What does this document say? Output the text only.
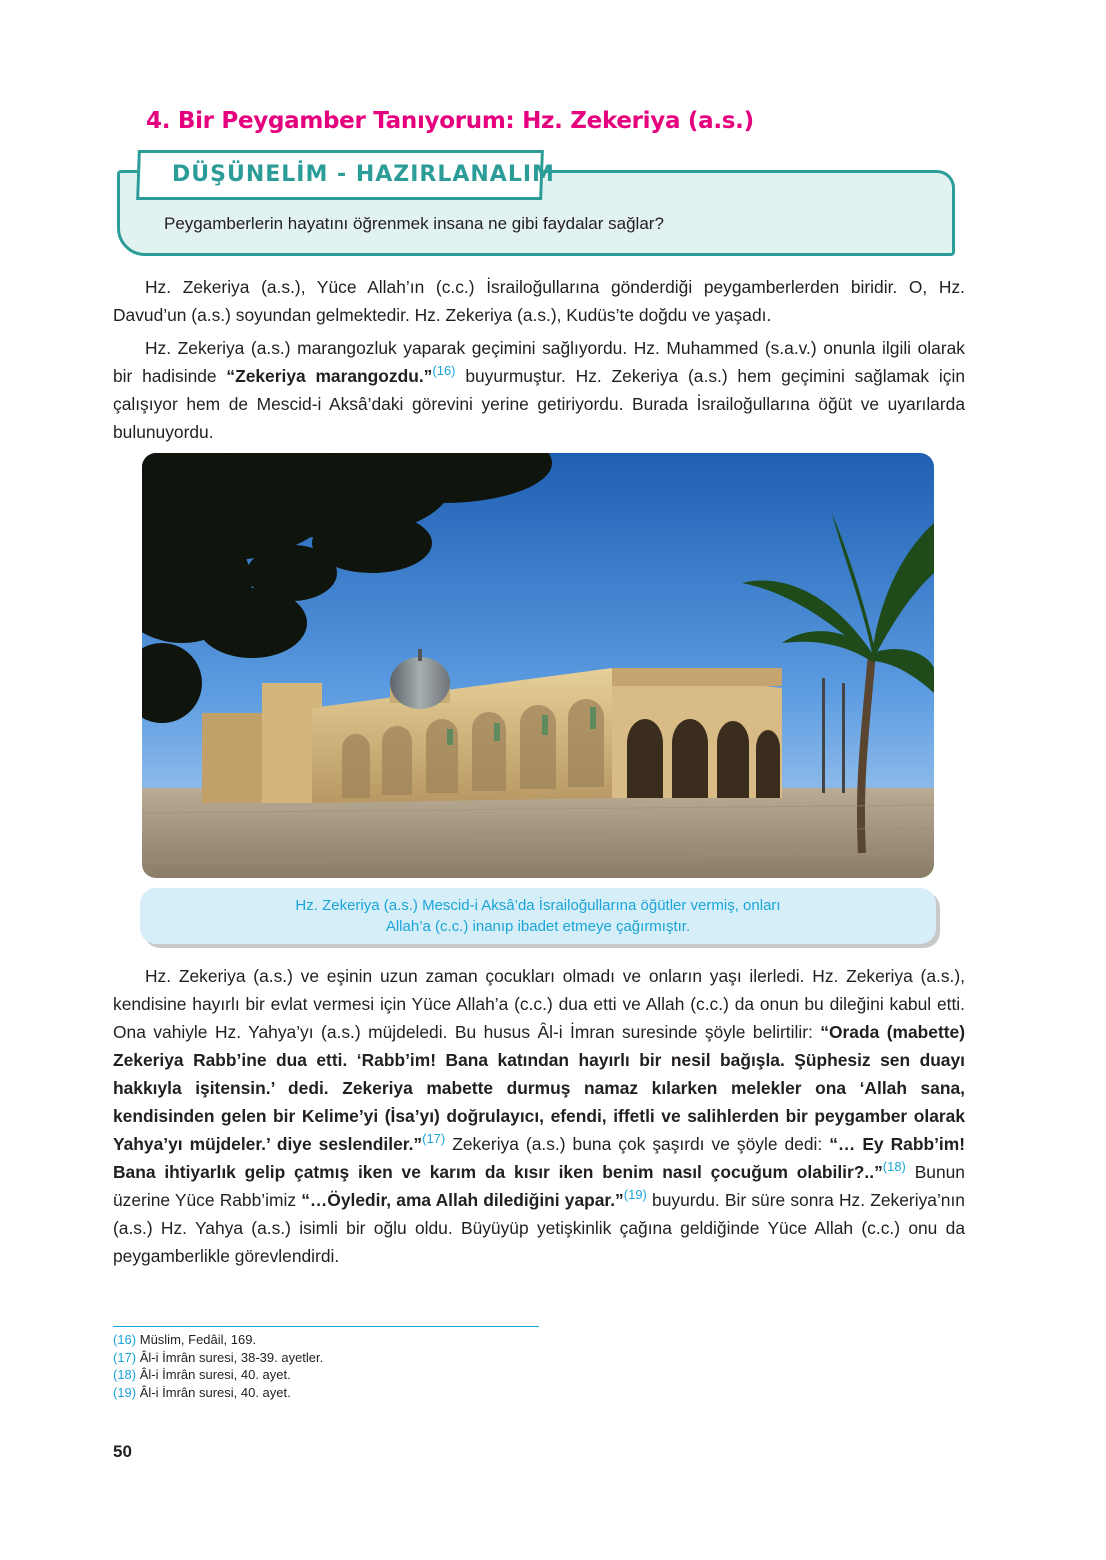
4. Bir Peygamber Tanıyorum: Hz. Zekeriya (a.s.)
DÜŞÜNELİM - HAZIRLANALIM
Peygamberlerin hayatını öğrenmek insana ne gibi faydalar sağlar?

Hz. Zekeriya (a.s.), Yüce Allah’ın (c.c.) İsrailoğullarına gönderdiği peygamberlerden biridir. O, Hz. Davud’un (a.s.) soyundan gelmektedir. Hz. Zekeriya (a.s.), Kudüs’te doğdu ve yaşadı.

Hz. Zekeriya (a.s.) marangozluk yaparak geçimini sağlıyordu. Hz. Muhammed (s.a.v.) onunla ilgili olarak bir hadisinde “Zekeriya marangozdu.”$^{(16)}$ buyurmuştur. Hz. Zekeriya (a.s.) hem geçimini sağlamak için çalışıyor hem de Mescid-i Aksâ’daki görevini yerine getiriyordu. Burada İsrailoğullarına öğüt ve uyarılarda bulunuyordu.

Hz. Zekeriya (a.s.) Mescid-i Aksâ’da İsrailoğullarına öğütler vermiş, onları
Allah’a (c.c.) inanıp ibadet etmeye çağırmıştır.

Hz. Zekeriya (a.s.) ve eşinin uzun zaman çocukları olmadı ve onların yaşı ilerledi. Hz. Zekeriya (a.s.), kendisine hayırlı bir evlat vermesi için Yüce Allah’a (c.c.) dua etti ve Allah (c.c.) da onun bu dileğini kabul etti. Ona vahiyle Hz. Yahya’yı (a.s.) müjdeledi. Bu husus Âl-i İmran suresinde şöyle belirtilir: “Orada (mabette) Zekeriya Rabb’ine dua etti. ‘Rabb’im! Bana katından hayırlı bir nesil bağışla. Şüphesiz sen duayı hakkıyla işitensin.’ dedi. Zekeriya mabette durmuş namaz kılarken melekler ona ‘Allah sana, kendisinden gelen bir Kelime’yi (İsa’yı) doğrulayıcı, efendi, iffetli ve salihlerden bir peygamber olarak Yahya’yı müjdeler.’ diye seslendiler.”$^{(17)}$ Zekeriya (a.s.) buna çok şaşırdı ve şöyle dedi: “… Ey Rabb’im! Bana ihtiyarlık gelip çatmış iken ve karım da kısır iken benim nasıl çocuğum olabilir?..”$^{(18)}$ Bunun üzerine Yüce Rabb’imiz “…Öyledir, ama Allah dilediğini yapar.”$^{(19)}$ buyurdu. Bir süre sonra Hz. Zekeriya’nın (a.s.) Hz. Yahya (a.s.) isimli bir oğlu oldu. Büyüyüp yetişkinlik çağına geldiğinde Yüce Allah (c.c.) onu da peygamberlikle görevlendirdi.

(16) Müslim, Fedâil, 169.
(17) Âl-i İmrân suresi, 38-39. ayetler.
(18) Âl-i İmrân suresi, 40. ayet.
(19) Âl-i İmrân suresi, 40. ayet.
50
